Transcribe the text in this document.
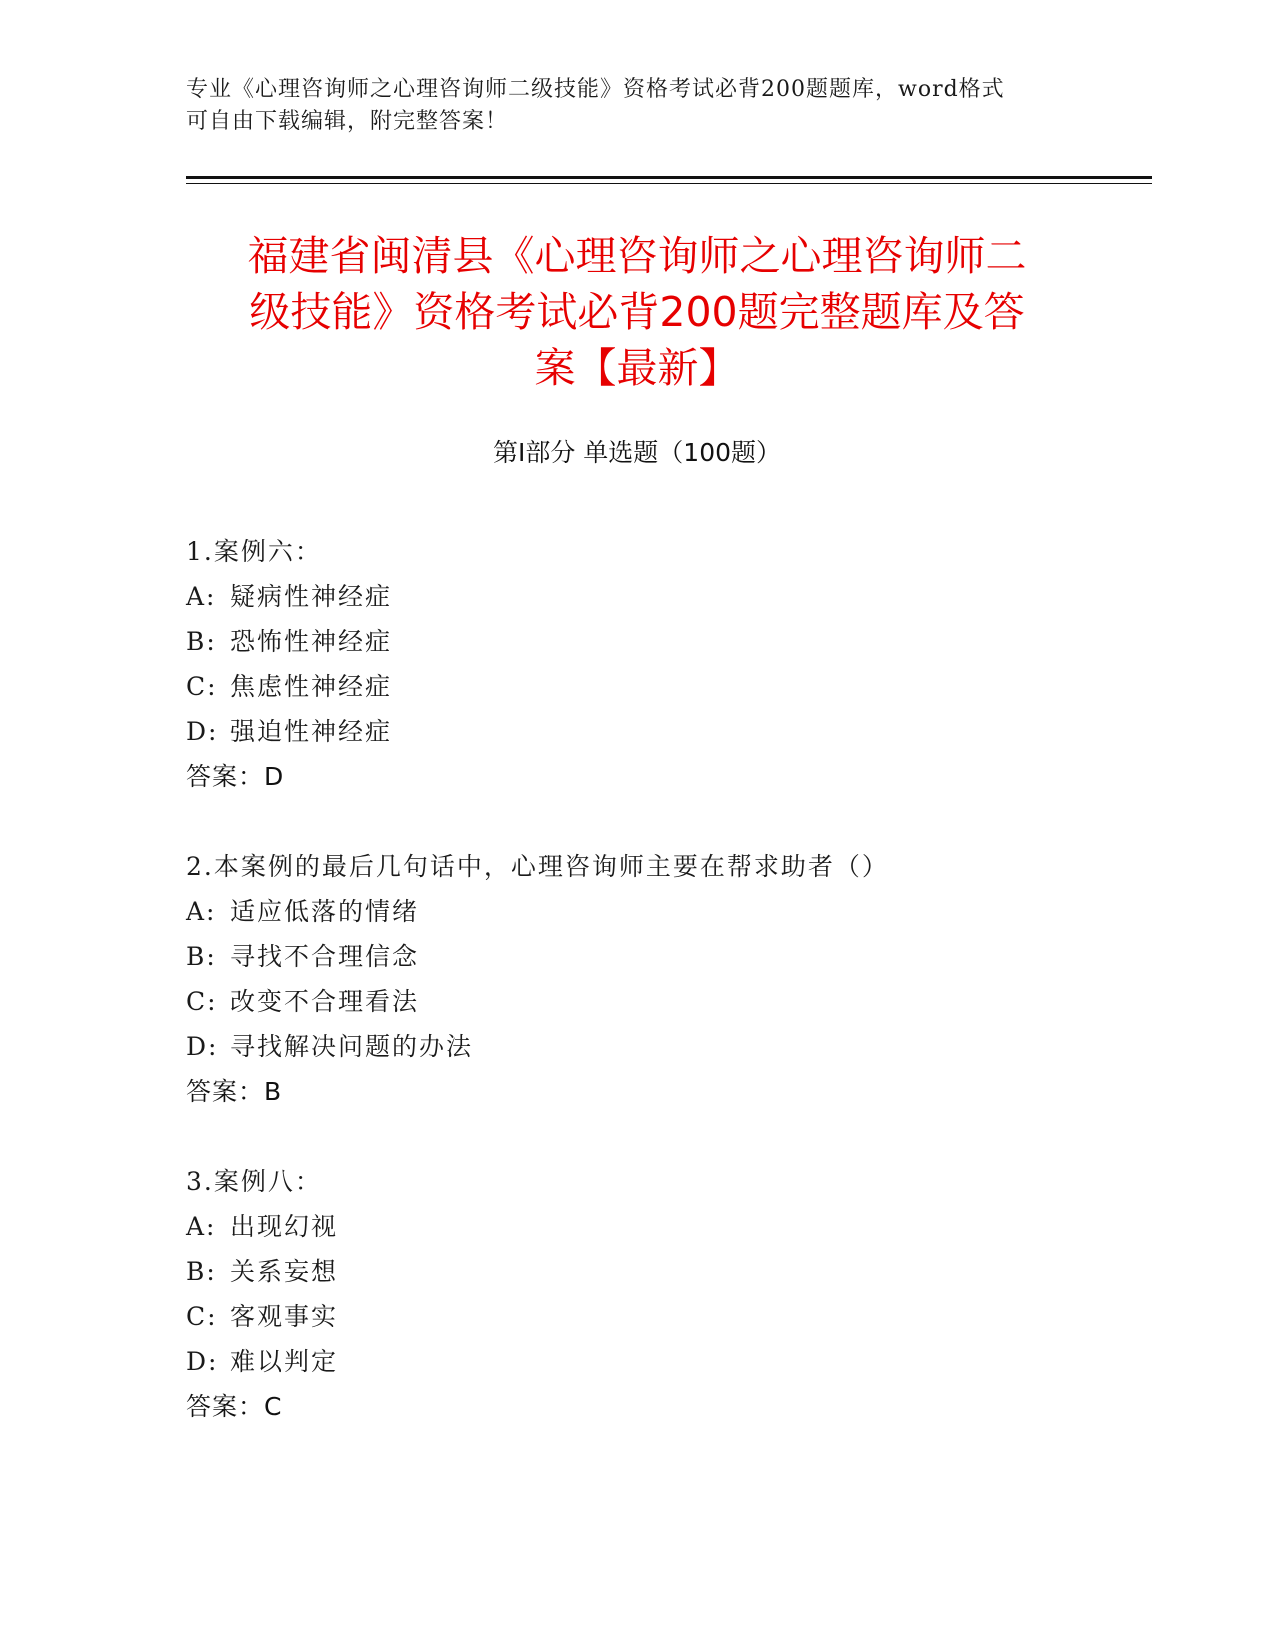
专业《心理咨询师之心理咨询师二级技能》资格考试必背200题题库，word格式
可自由下载编辑，附完整答案！
福建省闽清县《心理咨询师之心理咨询师二
级技能》资格考试必背200题完整题库及答
案【最新】
第Ⅰ部分 单选题（100题）
1.案例六：
A: 疑病性神经症
B: 恐怖性神经症
C: 焦虑性神经症
D: 强迫性神经症
答案：D
2.本案例的最后几句话中，心理咨询师主要在帮求助者（）
A: 适应低落的情绪
B: 寻找不合理信念
C: 改变不合理看法
D: 寻找解决问题的办法
答案：B
3.案例八：
A: 出现幻视
B: 关系妄想
C: 客观事实
D: 难以判定
答案：C
